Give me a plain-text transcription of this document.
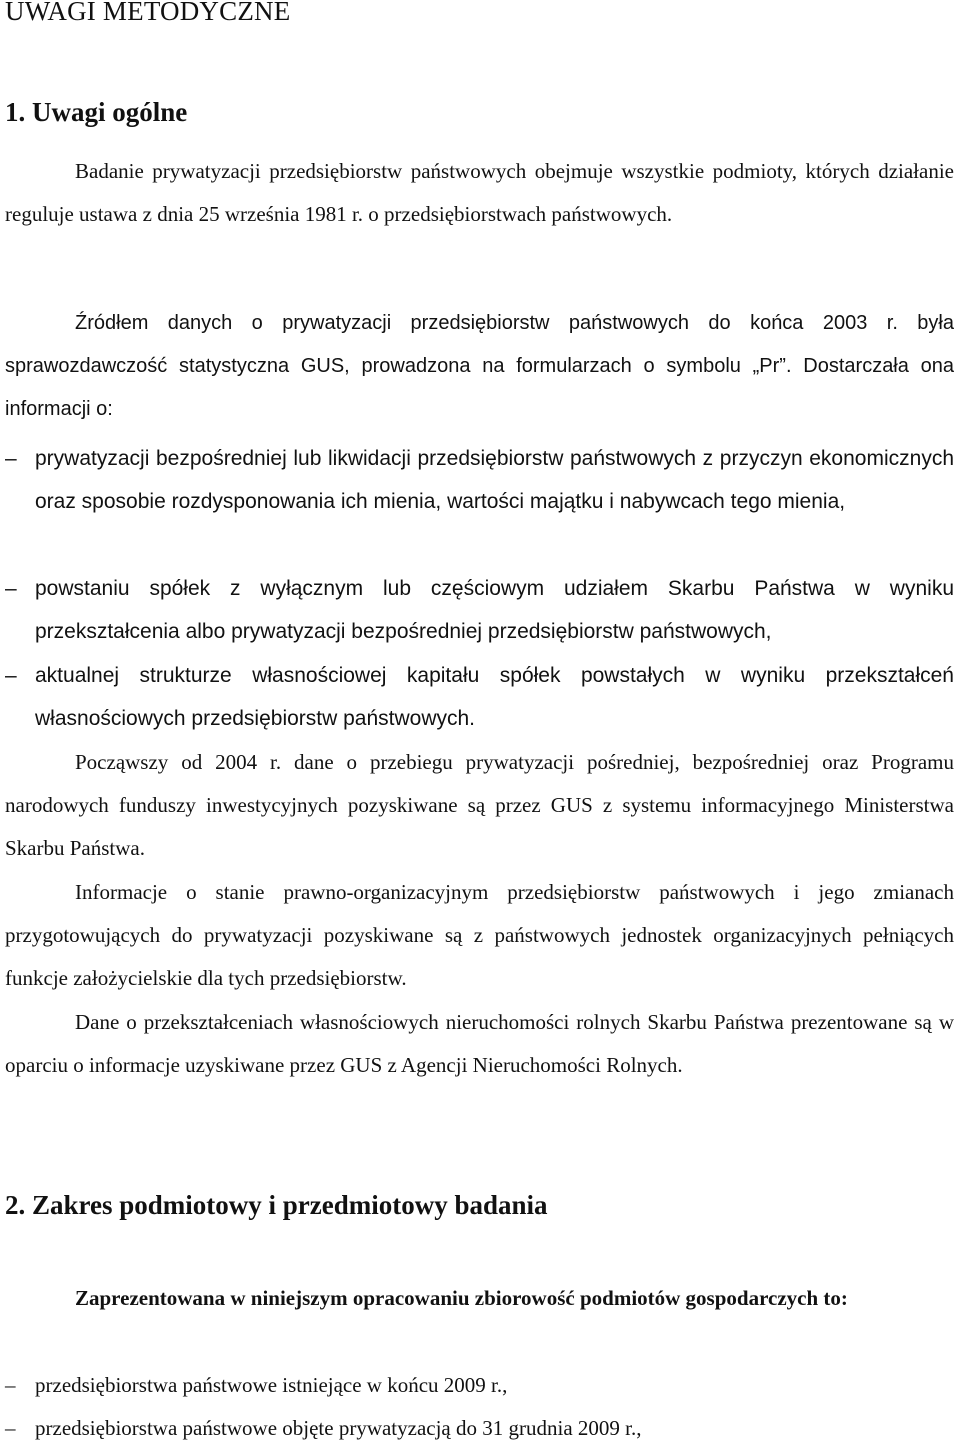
UWAGI METODYCZNE
1. Uwagi ogólne

Badanie prywatyzacji przedsiębiorstw państwowych obejmuje wszystkie podmioty, których działanie reguluje ustawa z dnia 25 września 1981 r. o przedsiębiorstwach państwowych.

Źródłem danych o prywatyzacji przedsiębiorstw państwowych do końca 2003 r. była sprawozdawczość statystyczna GUS, prowadzona na formularzach o symbolu „Pr”. Dostarczała ona informacji o:

– prywatyzacji bezpośredniej lub likwidacji przedsiębiorstw państwowych z przyczyn ekonomicznych oraz sposobie rozdysponowania ich mienia, wartości majątku i nabywcach tego mienia,

– powstaniu spółek z wyłącznym lub częściowym udziałem Skarbu Państwa w wyniku przekształcenia albo prywatyzacji bezpośredniej przedsiębiorstw państwowych,

– aktualnej strukturze własnościowej kapitału spółek powstałych w wyniku przekształceń własnościowych przedsiębiorstw państwowych.

Począwszy od 2004 r. dane o przebiegu prywatyzacji pośredniej, bezpośredniej oraz Programu narodowych funduszy inwestycyjnych pozyskiwane są przez GUS z systemu informacyjnego Ministerstwa Skarbu Państwa.

Informacje o stanie prawno-organizacyjnym przedsiębiorstw państwowych i jego zmianach przygotowujących do prywatyzacji pozyskiwane są z państwowych jednostek organizacyjnych pełniących funkcje założycielskie dla tych przedsiębiorstw.

Dane o przekształceniach własnościowych nieruchomości rolnych Skarbu Państwa prezentowane są w oparciu o informacje uzyskiwane przez GUS z Agencji Nieruchomości Rolnych.

2. Zakres podmiotowy i przedmiotowy badania

Zaprezentowana w niniejszym opracowaniu zbiorowość podmiotów gospodarczych to:

– przedsiębiorstwa państwowe istniejące w końcu 2009 r.,

– przedsiębiorstwa państwowe objęte prywatyzacją do 31 grudnia 2009 r.,
